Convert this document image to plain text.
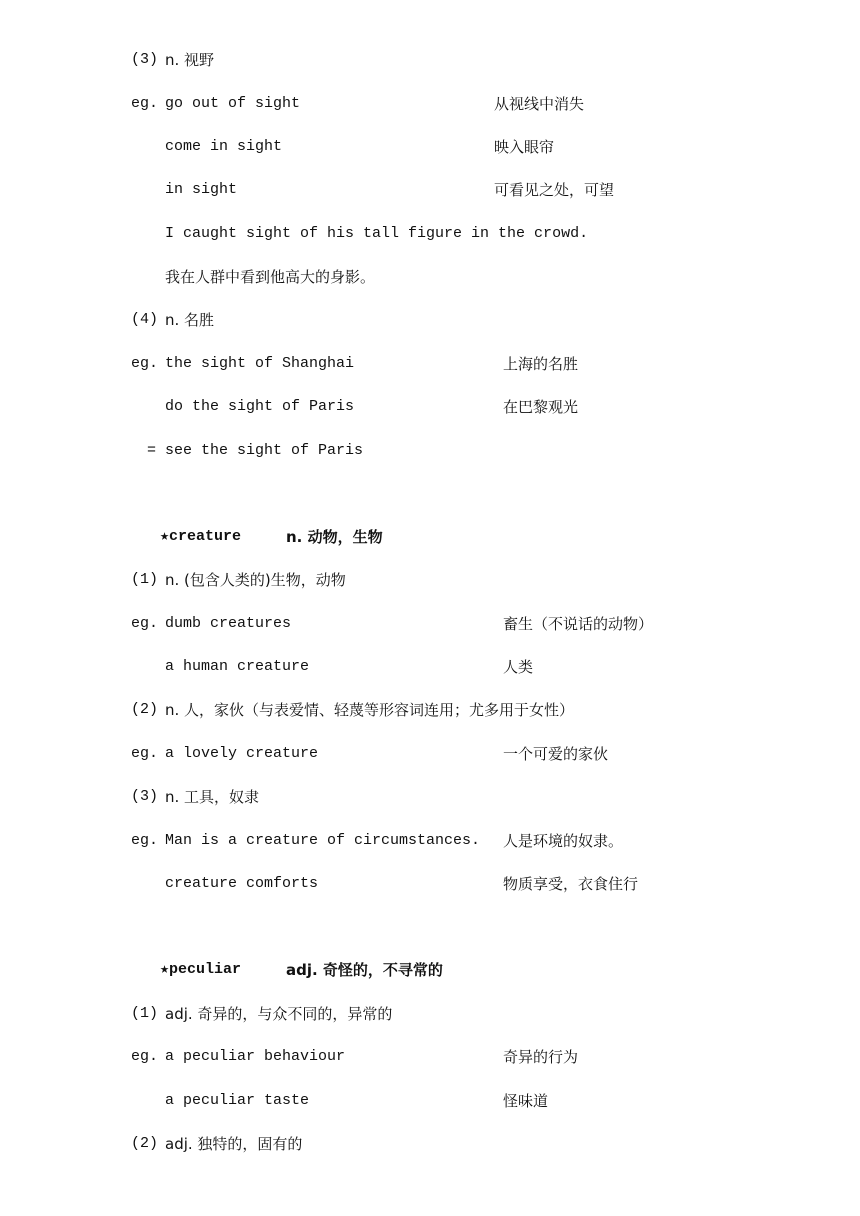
(3) n. 视野
eg. go out of sight	从视线中消失
come in sight	映入眼帘
in sight	可看见之处，可望
I caught sight of his tall figure in the crowd.
我在人群中看到他高大的身影。
(4) n. 名胜
eg. the sight of Shanghai	上海的名胜
do the sight of Paris	在巴黎观光
= see the sight of Paris
★creature	n. 动物，生物
(1) n. (包含人类的)生物，动物
eg. dumb creatures	畜生（不说话的动物）
a human creature	人类
(2) n. 人，家伙（与表爱情、轻蔑等形容词连用；尤多用于女性）
eg. a lovely creature	一个可爱的家伙
(3) n. 工具，奴隶
eg. Man is a creature of circumstances. 人是环境的奴隶。
creature comforts	物质享受，衣食住行
★peculiar	adj. 奇怪的，不寻常的
(1) adj. 奇异的，与众不同的，异常的
eg. a peculiar behaviour	奇异的行为
a peculiar taste	怪味道
(2) adj. 独特的，固有的
